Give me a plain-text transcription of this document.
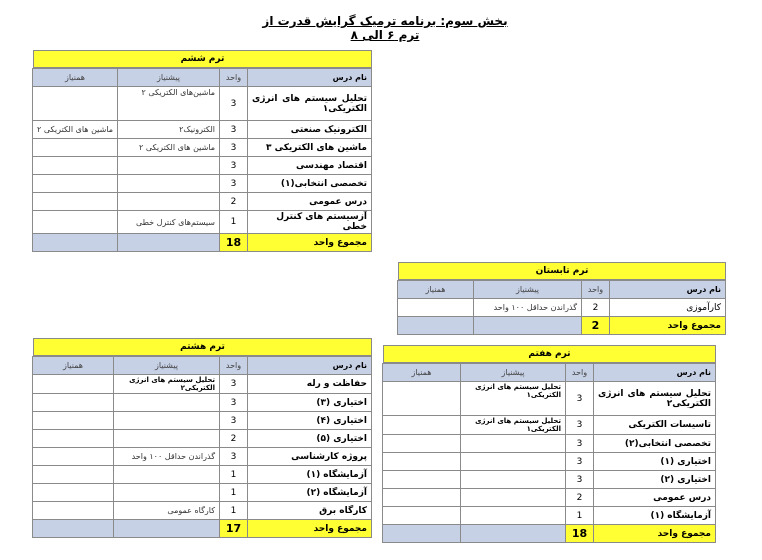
بخش سوم: برنامه ترمیک گرایش قدرت از ترم ۶ الی ۸
ترم ششم
نام درس	واحد	پیشنیاز	همنیاز
تحلیل سیستم های انرژی الکتریکی۱	3	ماشین‌های الکتریکی ۲	
الکترونیک صنعتی	3	الکترونیک۲	ماشین های الکتریکی ۲
ماشین های الکتریکی ۳	3	ماشین های الکتریکی ۲	
اقتصاد مهندسی	3		
تخصصی انتخابی(۱)	3		
درس عمومی	2		
آزسیستم های کنترل خطی	1	سیستم‌های کنترل خطی	
مجموع واحد	18		
ترم تابستان
نام درس	واحد	پیشنیاز	همنیاز
کارآموزی	2	گذراندن حداقل ۱۰۰ واحد	
مجموع واحد	2		
ترم هشتم
نام درس	واحد	پیشنیاز	همنیاز
حفاظت و رله	3	تحلیل سیستم های انرژی الکتریکی۲	
اختیاری (۳)	3		
اختیاری (۴)	3		
اختیاری (۵)	2		
پروژه کارشناسی	3	گذراندن حداقل ۱۰۰ واحد	
آزمایشگاه (۱)	1		
آزمایشگاه (۲)	1		
کارگاه برق	1	کارگاه عمومی	
مجموع واحد	17		
ترم هفتم
نام درس	واحد	پیشنیاز	همنیاز
تحلیل سیستم های انرژی الکتریکی۲	3	تحلیل سیستم های انرژی الکتریکی۱	
تاسیسات الکتریکی	3	تحلیل سیستم های انرژی الکتریکی۱	
تخصصی انتخابی(۲)	3		
اختیاری (۱)	3		
اختیاری (۲)	3		
درس عمومی	2		
آزمایشگاه (۱)	1		
مجموع واحد	18		
